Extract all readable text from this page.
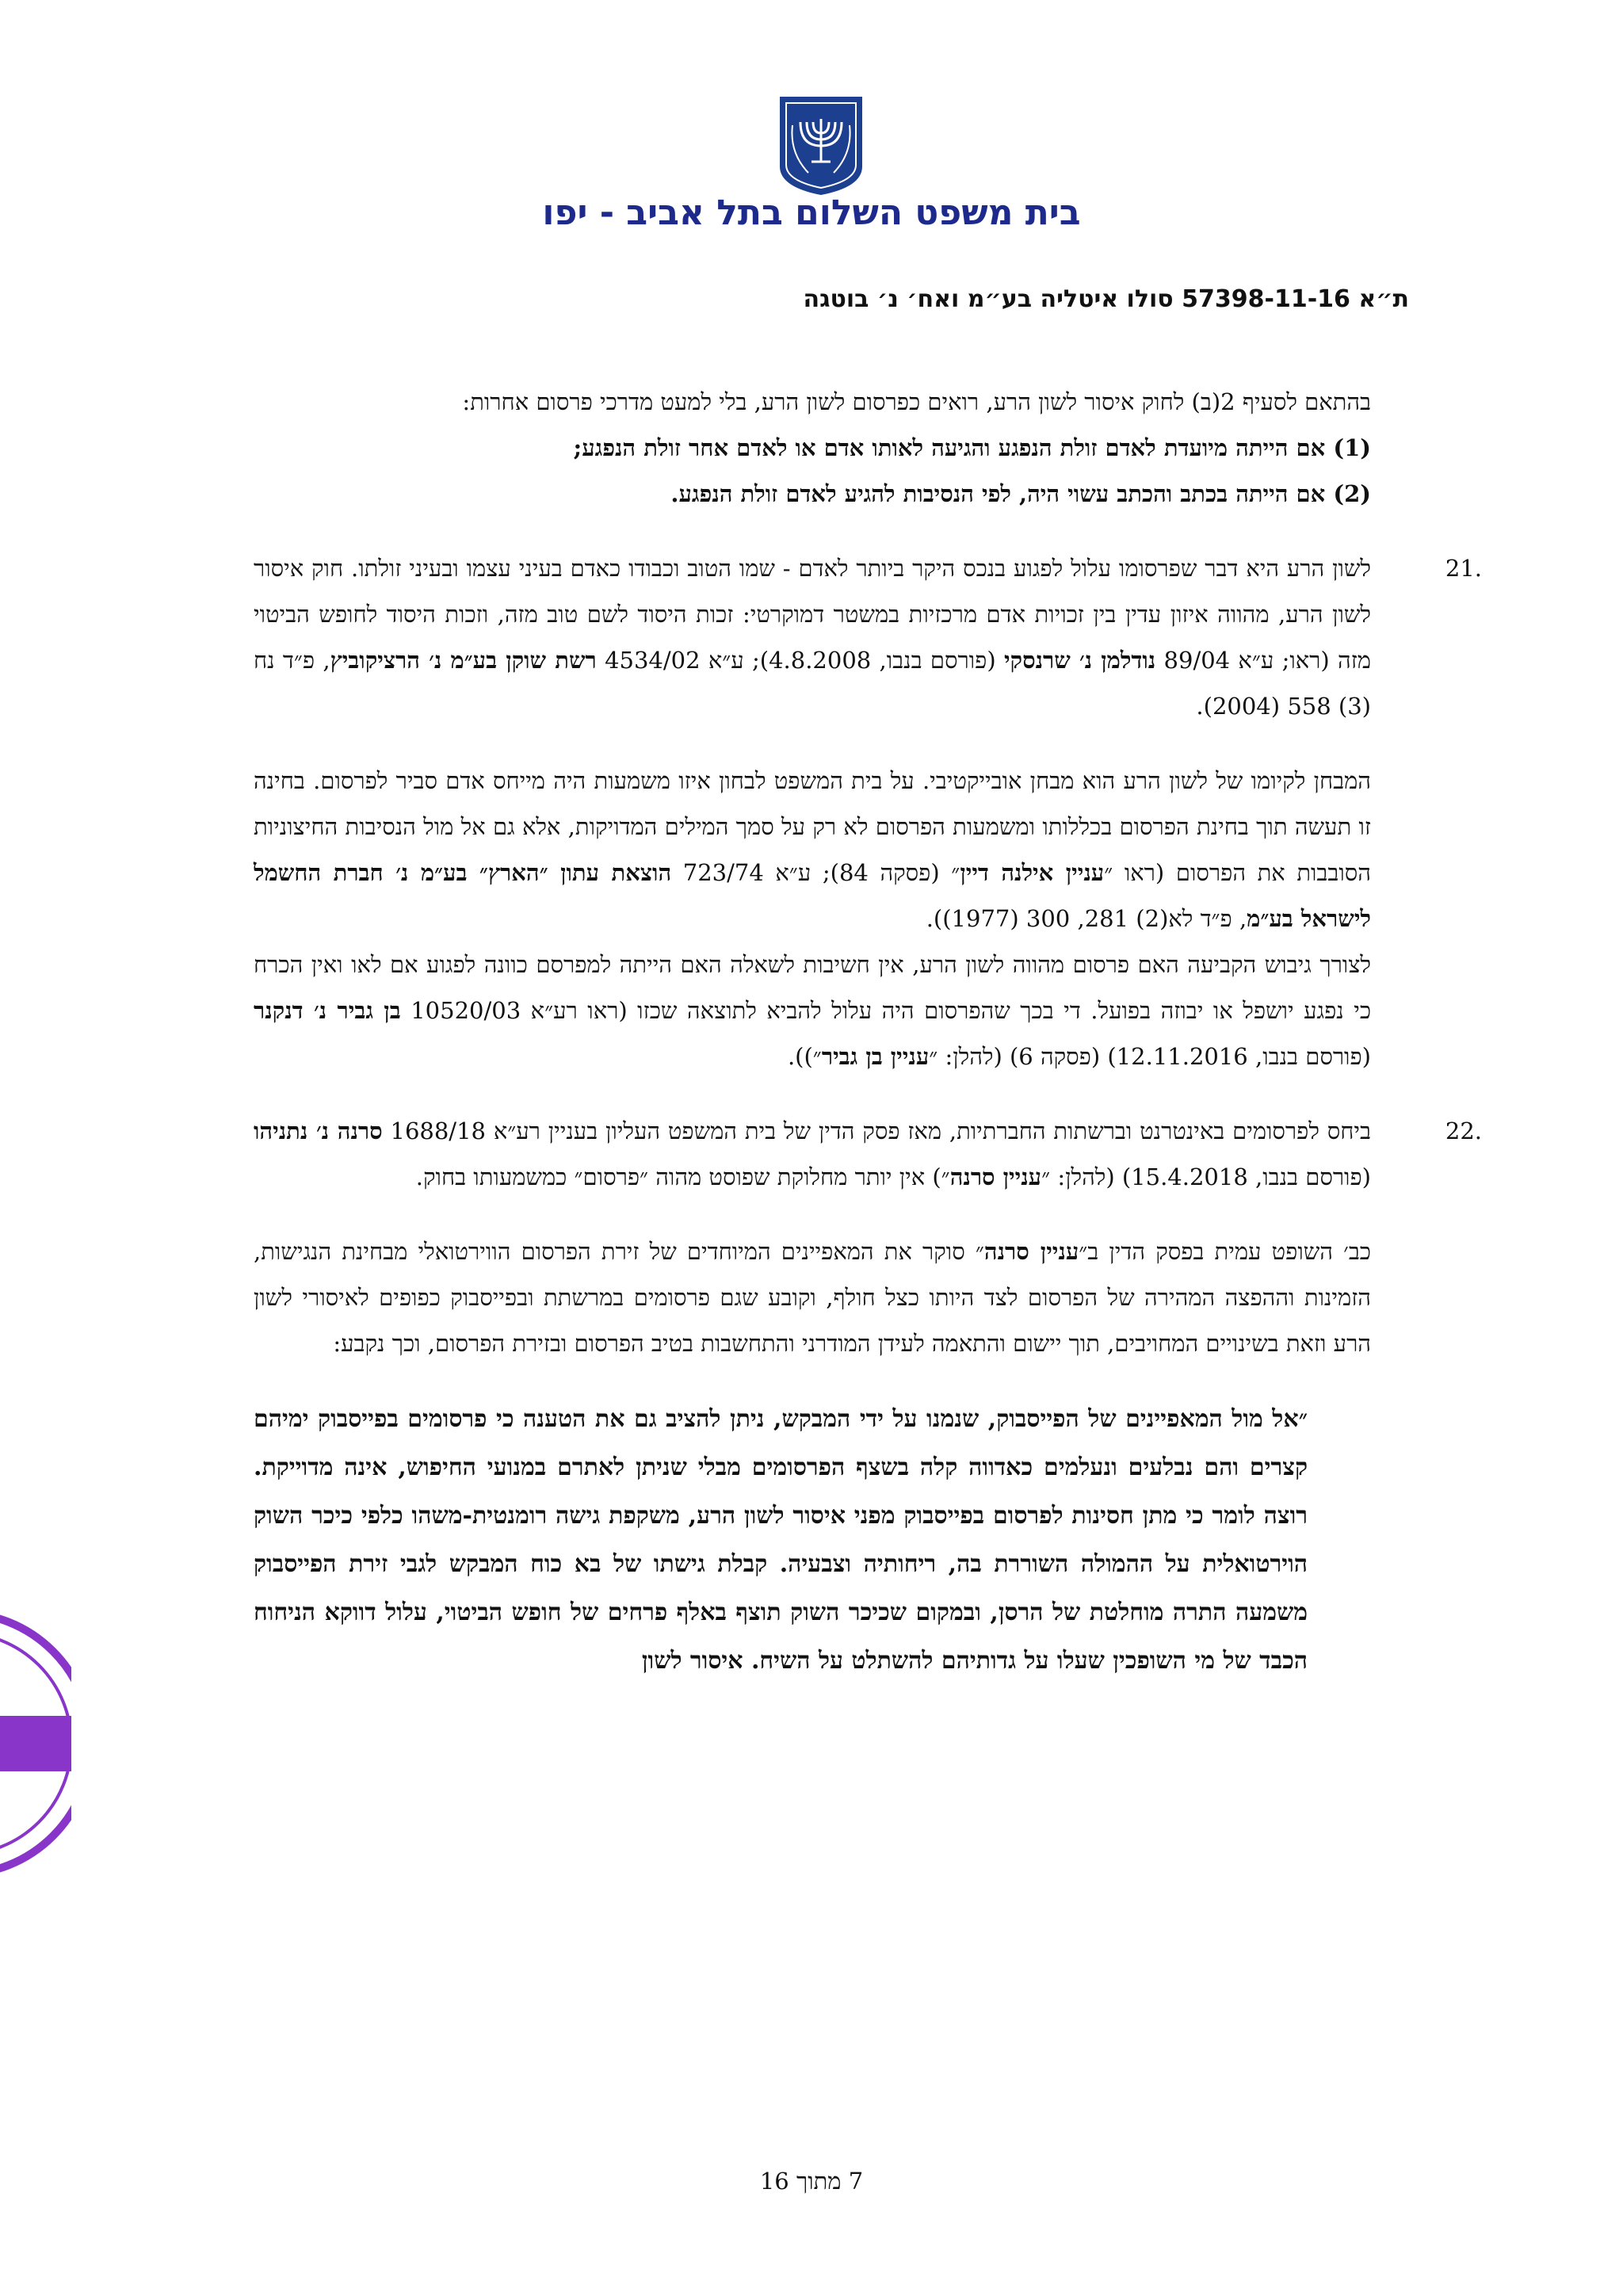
בית משפט השלום בתל אביב - יפו
ת״א 57398-11-16 סולו איטליה בע״מ ואח׳ נ׳ בוטגה

בהתאם לסעיף 2(ב) לחוק איסור לשון הרע, רואים כפרסום לשון הרע, בלי למעט מדרכי פרסום אחרות:

(1) אם הייתה מיועדת לאדם זולת הנפגע והגיעה לאותו אדם או לאדם אחר זולת הנפגע;
(2) אם הייתה בכתב והכתב עשוי היה, לפי הנסיבות להגיע לאדם זולת הנפגע.
21.

לשון הרע היא דבר שפרסומו עלול לפגוע בנכס היקר ביותר לאדם - שמו הטוב וכבודו כאדם בעיני עצמו ובעיני זולתו. חוק איסור לשון הרע, מהווה איזון עדין בין זכויות אדם מרכזיות במשטר דמוקרטי: זכות היסוד לשם טוב מזה, וזכות היסוד לחופש הביטוי מזה (ראו; ע״א 89/04 נודלמן נ׳ שרנסקי (פורסם בנבו, 4.8.2008); ע״א 4534/02 רשת שוקן בע״מ נ׳ הרציקוביץ, פ״ד נח (3) 558 (2004).

המבחן לקיומו של לשון הרע הוא מבחן אובייקטיבי. על בית המשפט לבחון איזו משמעות היה מייחס אדם סביר לפרסום. בחינה זו תעשה תוך בחינת הפרסום בכללותו ומשמעות הפרסום לא רק על סמך המילים המדויקות, אלא גם אל מול הנסיבות החיצוניות הסובבות את הפרסום (ראו ״עניין אילנה דיין״ (פסקה 84); ע״א 723/74 הוצאת עתון ״הארץ״ בע״מ נ׳ חברת החשמל לישראל בע״מ, פ״ד לא(2) 281, 300 (1977)).

לצורך גיבוש הקביעה האם פרסום מהווה לשון הרע, אין חשיבות לשאלה האם הייתה למפרסם כוונה לפגוע אם לאו ואין הכרח כי נפגע יושפל או יבוזה בפועל. די בכך שהפרסום היה עלול להביא לתוצאה שכזו (ראו רע״א 10520/03 בן גביר נ׳ דנקנר (פורסם בנבו, 12.11.2016) (פסקה 6) (להלן: ״עניין בן גביר״)).

22.

ביחס לפרסומים באינטרנט וברשתות החברתיות, מאז פסק הדין של בית המשפט העליון בעניין רע״א 1688/18 סרנה נ׳ נתניהו (פורסם בנבו, 15.4.2018) (להלן: ״עניין סרנה״) אין יותר מחלוקת שפוסט מהוה ״פרסום״ כמשמעותו בחוק.

כב׳ השופט עמית בפסק הדין ב״עניין סרנה״ סוקר את המאפיינים המיוחדים של זירת הפרסום הווירטואלי מבחינת הנגישות, הזמינות וההפצה המהירה של הפרסום לצד היותו כצל חולף, וקובע שגם פרסומים במרשתת ובפייסבוק כפופים לאיסורי לשון הרע וזאת בשינויים המחויבים, תוך יישום והתאמה לעידן המודרני והתחשבות בטיב הפרסום ובזירת הפרסום, וכך נקבע:

״אל מול המאפיינים של הפייסבוק, שנמנו על ידי המבקש, ניתן להציב גם את הטענה כי פרסומים בפייסבוק ימיהם קצרים והם נבלעים ונעלמים כאדווה קלה בשצף הפרסומים מבלי שניתן לאתרם במנועי החיפוש, אינה מדוייקת. רוצה לומר כי מתן חסינות לפרסום בפייסבוק מפני איסור לשון הרע, משקפת גישה רומנטית-משהו כלפי כיכר השוק הוירטואלית על ההמולה השוררת בה, ריחותיה וצבעיה. קבלת גישתו של בא כוח המבקש לגבי זירת הפייסבוק משמעה התרה מוחלטת של הרסן, ובמקום שכיכר השוק תוצף באלף פרחים של חופש הביטוי, עלול דווקא הניחוח הכבד של מי השופכין שעלו על גדותיהם להשתלט על השיח. איסור לשון

7 מתוך 16
